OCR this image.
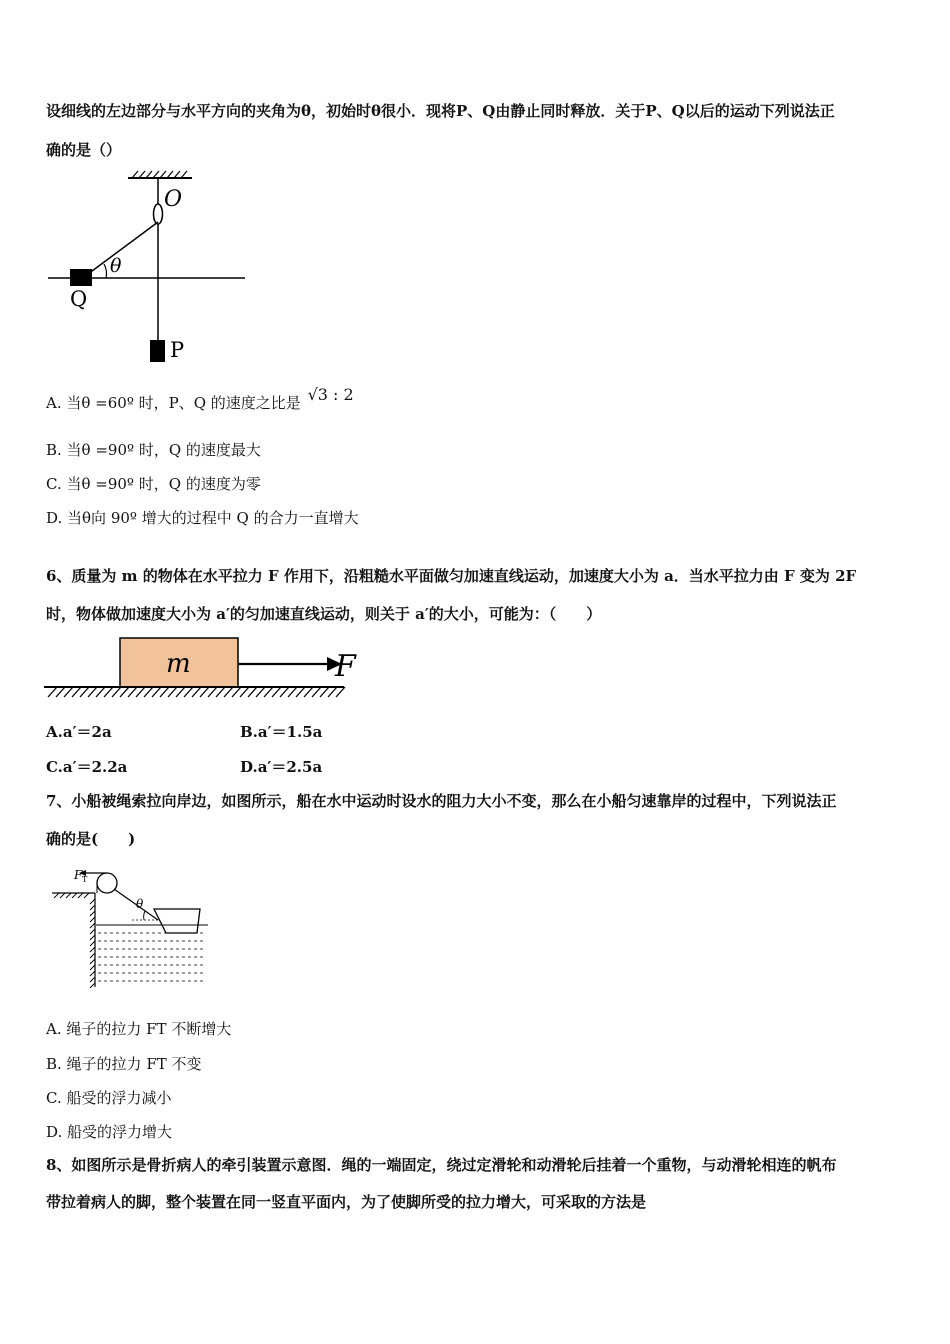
设细线的左边部分与水平方向的夹角为θ，初始时θ很小．现将P、Q由静止同时释放．关于P、Q以后的运动下列说法正
确的是（）
O
θ
Q
P
A. 当θ =60º 时，P、Q 的速度之比是 √3 : 2
B. 当θ =90º 时，Q 的速度最大
C. 当θ =90º 时，Q 的速度为零
D. 当θ向 90º 增大的过程中 Q 的合力一直增大
6、质量为 m 的物体在水平拉力 F 作用下，沿粗糙水平面做匀加速直线运动，加速度大小为 a．当水平拉力由 F 变为 2F
时，物体做加速度大小为 a′的匀加速直线运动，则关于 a′的大小，可能为：（　　）
m	F
A.a′＝2a	B.a′＝1.5a
C.a′＝2.2a	D.a′＝2.5a
7、小船被绳索拉向岸边，如图所示，船在水中运动时设水的阻力大小不变，那么在小船匀速靠岸的过程中，下列说法正
确的是(　　)
F T
θ
A. 绳子的拉力 FT 不断增大
B. 绳子的拉力 FT 不变
C. 船受的浮力减小
D. 船受的浮力增大
8、如图所示是骨折病人的牵引装置示意图．绳的一端固定，绕过定滑轮和动滑轮后挂着一个重物，与动滑轮相连的帆布
带拉着病人的脚，整个装置在同一竖直平面内，为了使脚所受的拉力增大，可采取的方法是
